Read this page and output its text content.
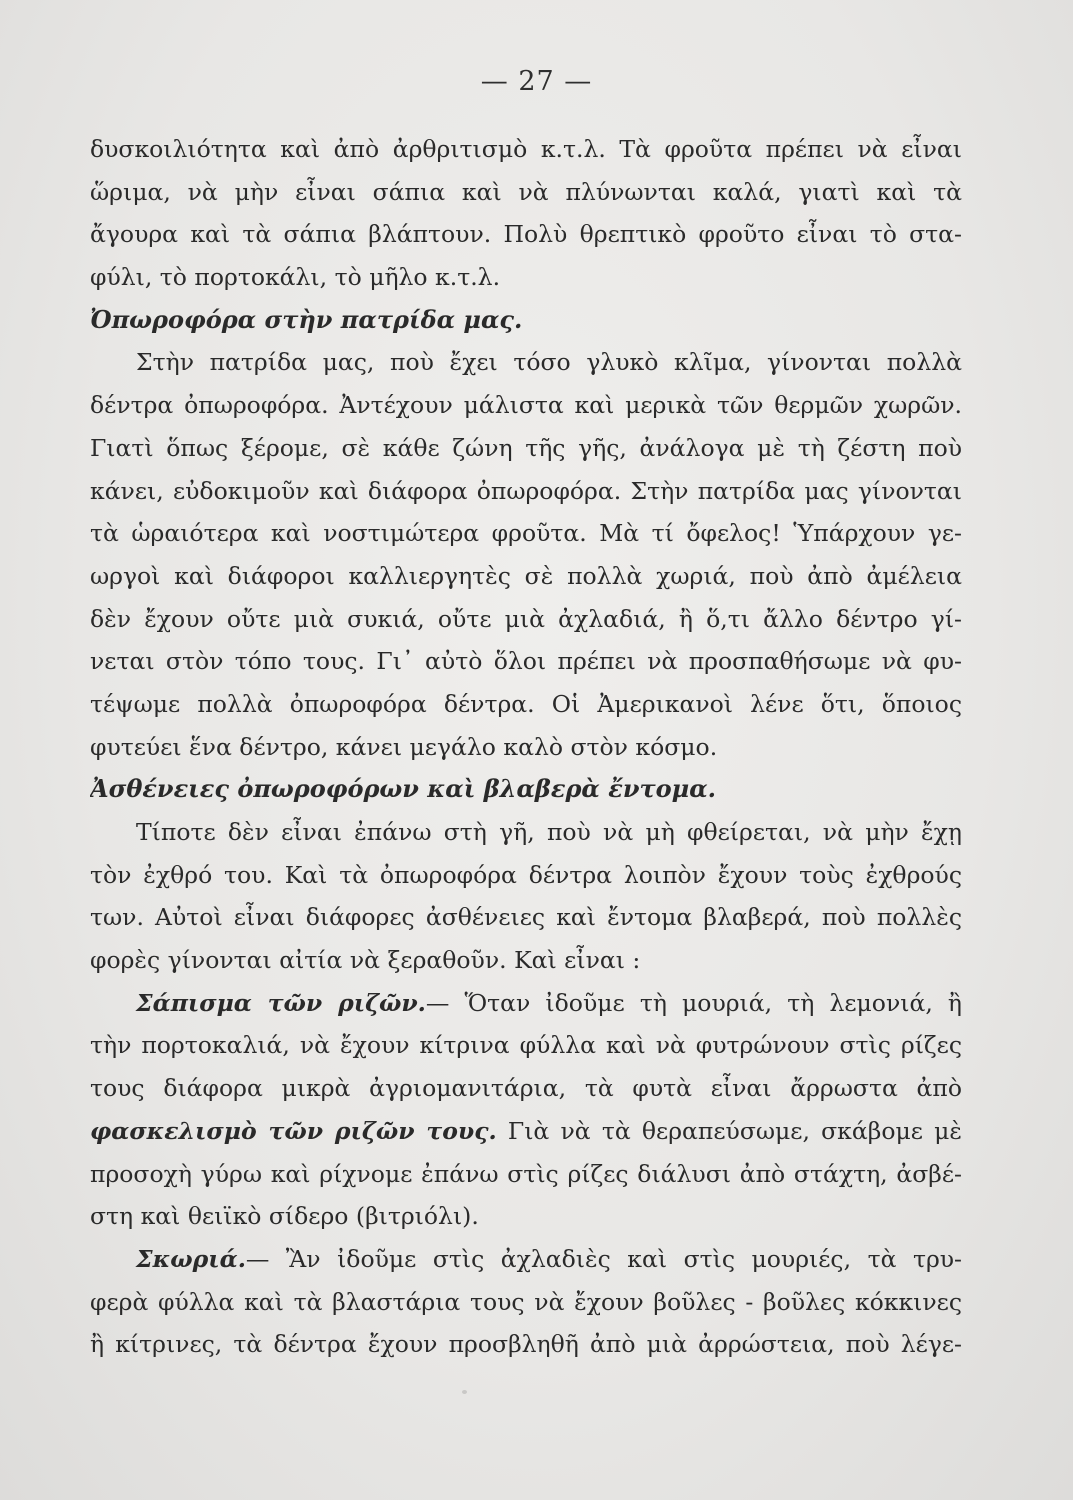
— 27 —
δυσκοιλιότητα καὶ ἀπὸ ἀρθριτισμὸ κ.τ.λ. Τὰ φροῦτα πρέπει νὰ εἶναι
ὥριμα, νὰ μὴν εἶναι σάπια καὶ νὰ πλύνωνται καλά, γιατὶ καὶ τὰ
ἄγουρα καὶ τὰ σάπια βλάπτουν. Πολὺ θρεπτικὸ φροῦτο εἶναι τὸ στα-
φύλι, τὸ πορτοκάλι, τὸ μῆλο κ.τ.λ.
Ὀπωροφόρα στὴν πατρίδα μας.
Στὴν πατρίδα μας, ποὺ ἔχει τόσο γλυκὸ κλῖμα, γίνονται πολλὰ
δέντρα ὀπωροφόρα. Ἀντέχουν μάλιστα καὶ μερικὰ τῶν θερμῶν χωρῶν.
Γιατὶ ὅπως ξέρομε, σὲ κάθε ζώνη τῆς γῆς, ἀνάλογα μὲ τὴ ζέστη ποὺ
κάνει, εὐδοκιμοῦν καὶ διάφορα ὀπωροφόρα. Στὴν πατρίδα μας γίνονται
τὰ ὡραιότερα καὶ νοστιμώτερα φροῦτα. Μὰ τί ὄφελος! Ὑπάρχουν γε-
ωργοὶ καὶ διάφοροι καλλιεργητὲς σὲ πολλὰ χωριά, ποὺ ἀπὸ ἀμέλεια
δὲν ἔχουν οὔτε μιὰ συκιά, οὔτε μιὰ ἀχλαδιά, ἢ ὅ,τι ἄλλο δέντρο γί-
νεται στὸν τόπο τους. Γι᾿ αὐτὸ ὅλοι πρέπει νὰ προσπαθήσωμε νὰ φυ-
τέψωμε πολλὰ ὀπωροφόρα δέντρα. Οἱ Ἀμερικανοὶ λένε ὅτι, ὅποιος
φυτεύει ἕνα δέντρο, κάνει μεγάλο καλὸ στὸν κόσμο.
Ἀσθένειες ὀπωροφόρων καὶ βλαβερὰ ἔντομα.
Τίποτε δὲν εἶναι ἐπάνω στὴ γῆ, ποὺ νὰ μὴ φθείρεται, νὰ μὴν ἔχῃ
τὸν ἐχθρό του. Καὶ τὰ ὀπωροφόρα δέντρα λοιπὸν ἔχουν τοὺς ἐχθρούς
των. Αὐτοὶ εἶναι διάφορες ἀσθένειες καὶ ἔντομα βλαβερά, ποὺ πολλὲς
φορὲς γίνονται αἰτία νὰ ξεραθοῦν. Καὶ εἶναι :
Σάπισμα τῶν ριζῶν.— Ὅταν ἰδοῦμε τὴ μουριά, τὴ λεμονιά, ἢ
τὴν πορτοκαλιά, νὰ ἔχουν κίτρινα φύλλα καὶ νὰ φυτρώνουν στὶς ρίζες
τους διάφορα μικρὰ ἀγριομανιτάρια, τὰ φυτὰ εἶναι ἄρρωστα ἀπὸ
φασκελισμὸ τῶν ριζῶν τους. Γιὰ νὰ τὰ θεραπεύσωμε, σκάβομε μὲ
προσοχὴ γύρω καὶ ρίχνομε ἐπάνω στὶς ρίζες διάλυσι ἀπὸ στάχτη, ἀσβέ-
στη καὶ θειϊκὸ σίδερο (βιτριόλι).
Σκωριά.— Ἂν ἰδοῦμε στὶς ἀχλαδιὲς καὶ στὶς μουριές, τὰ τρυ-
φερὰ φύλλα καὶ τὰ βλαστάρια τους νὰ ἔχουν βοῦλες - βοῦλες κόκκινες
ἢ κίτρινες, τὰ δέντρα ἔχουν προσβληθῆ ἀπὸ μιὰ ἀρρώστεια, ποὺ λέγε-
